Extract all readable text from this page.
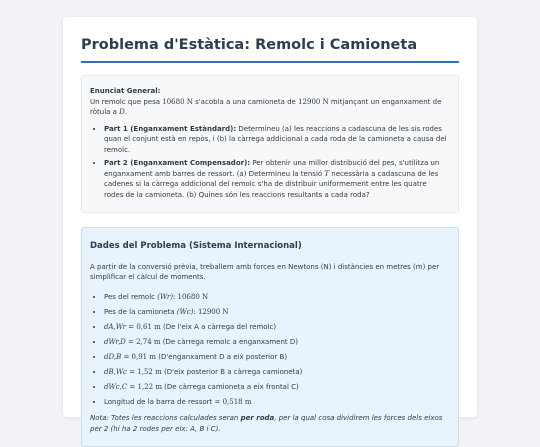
Problema d'Estàtica: Remolc i Camioneta
Enunciat General:
Un remolc que pesa 10680 N s'acobla a una camioneta de 12900 N mitjançant un enganxament de ròtula a D.
• Part 1 (Enganxament Estàndard): Determineu (a) les reaccions a cadascuna de les sis rodes quan el conjunt està en repòs, i (b) la càrrega addicional a cada roda de la camioneta a causa del remolc.
• Part 2 (Enganxament Compensador): Per obtenir una millor distribució del pes, s'utilitza un enganxament amb barres de ressort. (a) Determineu la tensió T necessària a cadascuna de les cadenes si la càrrega addicional del remolc s'ha de distribuir uniformement entre les quatre rodes de la camioneta. (b) Quines són les reaccions resultants a cada roda?
Dades del Problema (Sistema Internacional)

A partir de la conversió prèvia, treballem amb forces en Newtons (N) i distàncies en metres (m) per simplificar el càlcul de moments.

• Pes del remolc (Wr): 10680 N
• Pes de la camioneta (Wc): 12900 N
• dA,Wr = 0,61 m (De l'eix A a càrrega del remolc)
• dWr,D = 2,74 m (De càrrega remolc a enganxament D)
• dD,B = 0,91 m (D'enganxament D a eix posterior B)
• dB,Wc = 1,52 m (D'eix posterior B a càrrega camioneta)
• dWc,C = 1,22 m (De càrrega camioneta a eix frontal C)
• Longitud de la barra de ressort = 0,518 m

Nota: Totes les reaccions calculades seran per roda, per la qual cosa dividirem les forces dels eixos per 2 (hi ha 2 rodes per eix: A, B i C).
